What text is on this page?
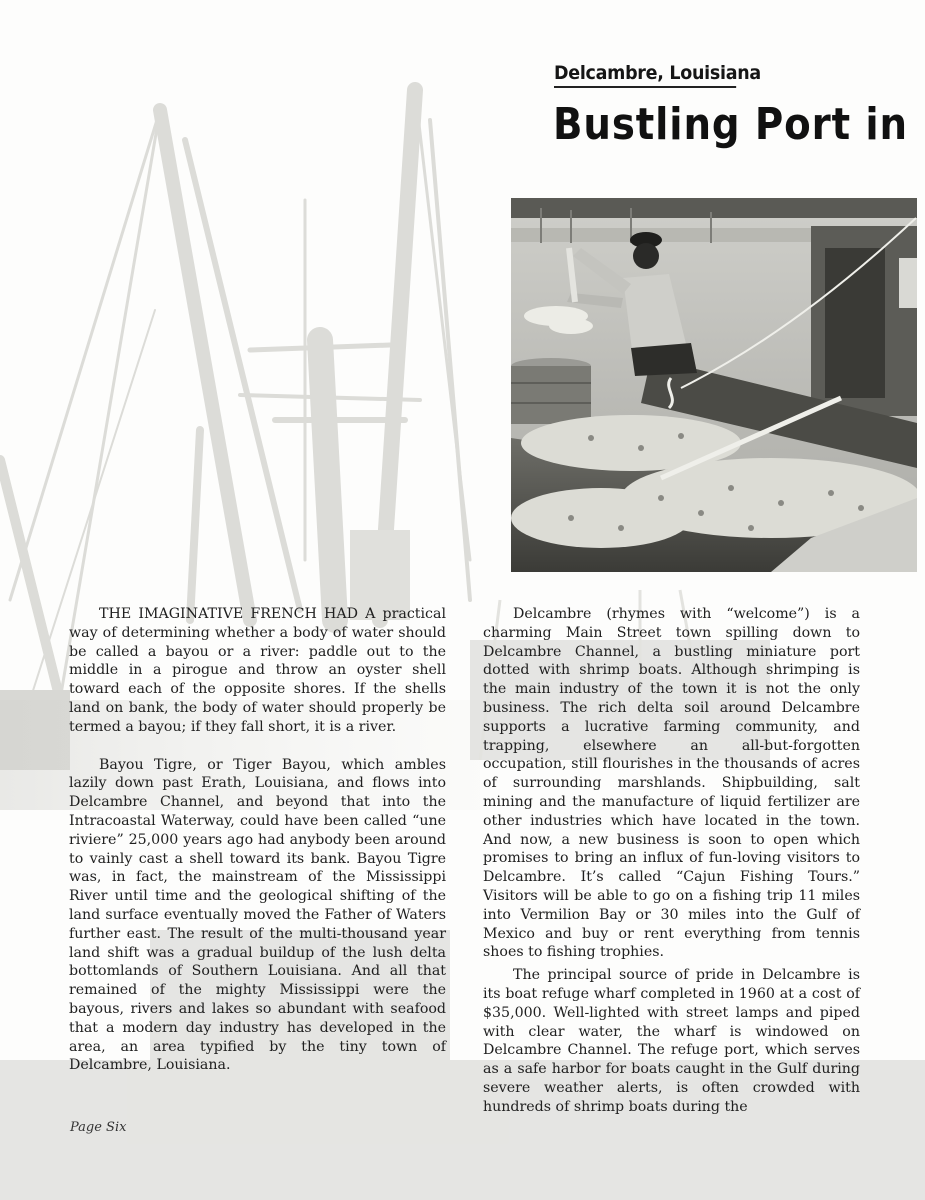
Delcambre, Louisiana
Bustling Port in

THE IMAGINATIVE FRENCH HAD A practical way of determining whether a body of water should be called a bayou or a river: paddle out to the middle in a pirogue and throw an oyster shell toward each of the opposite shores. If the shells land on bank, the body of water should properly be termed a bayou; if they fall short, it is a river.

Bayou Tigre, or Tiger Bayou, which ambles lazily down past Erath, Louisiana, and flows into Delcambre Channel, and beyond that into the Intracoastal Waterway, could have been called “une riviere” 25,000 years ago had anybody been around to vainly cast a shell toward its bank. Bayou Tigre was, in fact, the mainstream of the Mississippi River until time and the geological shifting of the land surface eventually moved the Father of Waters further east. The result of the multi-thousand year land shift was a gradual buildup of the lush delta bottomlands of Southern Louisiana. And all that remained of the mighty Mississippi were the bayous, rivers and lakes so abundant with seafood that a modern day industry has developed in the area, an area typified by the tiny town of Delcambre, Louisiana.

Delcambre (rhymes with “welcome”) is a charming Main Street town spilling down to Delcambre Channel, a bustling miniature port dotted with shrimp boats. Although shrimping is the main industry of the town it is not the only business. The rich delta soil around Delcambre supports a lucrative farming community, and trapping, elsewhere an all-but-forgotten occupation, still flourishes in the thousands of acres of surrounding marshlands. Shipbuilding, salt mining and the manufacture of liquid fertilizer are other industries which have located in the town. And now, a new business is soon to open which promises to bring an influx of fun-loving visitors to Delcambre. It’s called “Cajun Fishing Tours.” Visitors will be able to go on a fishing trip 11 miles into Vermilion Bay or 30 miles into the Gulf of Mexico and buy or rent everything from tennis shoes to fishing trophies.

The principal source of pride in Delcambre is its boat refuge wharf completed in 1960 at a cost of $35,000. Well-lighted with street lamps and piped with clear water, the wharf is windowed on Delcambre Channel. The refuge port, which serves as a safe harbor for boats caught in the Gulf during severe weather alerts, is often crowded with hundreds of shrimp boats during the

Page Six
